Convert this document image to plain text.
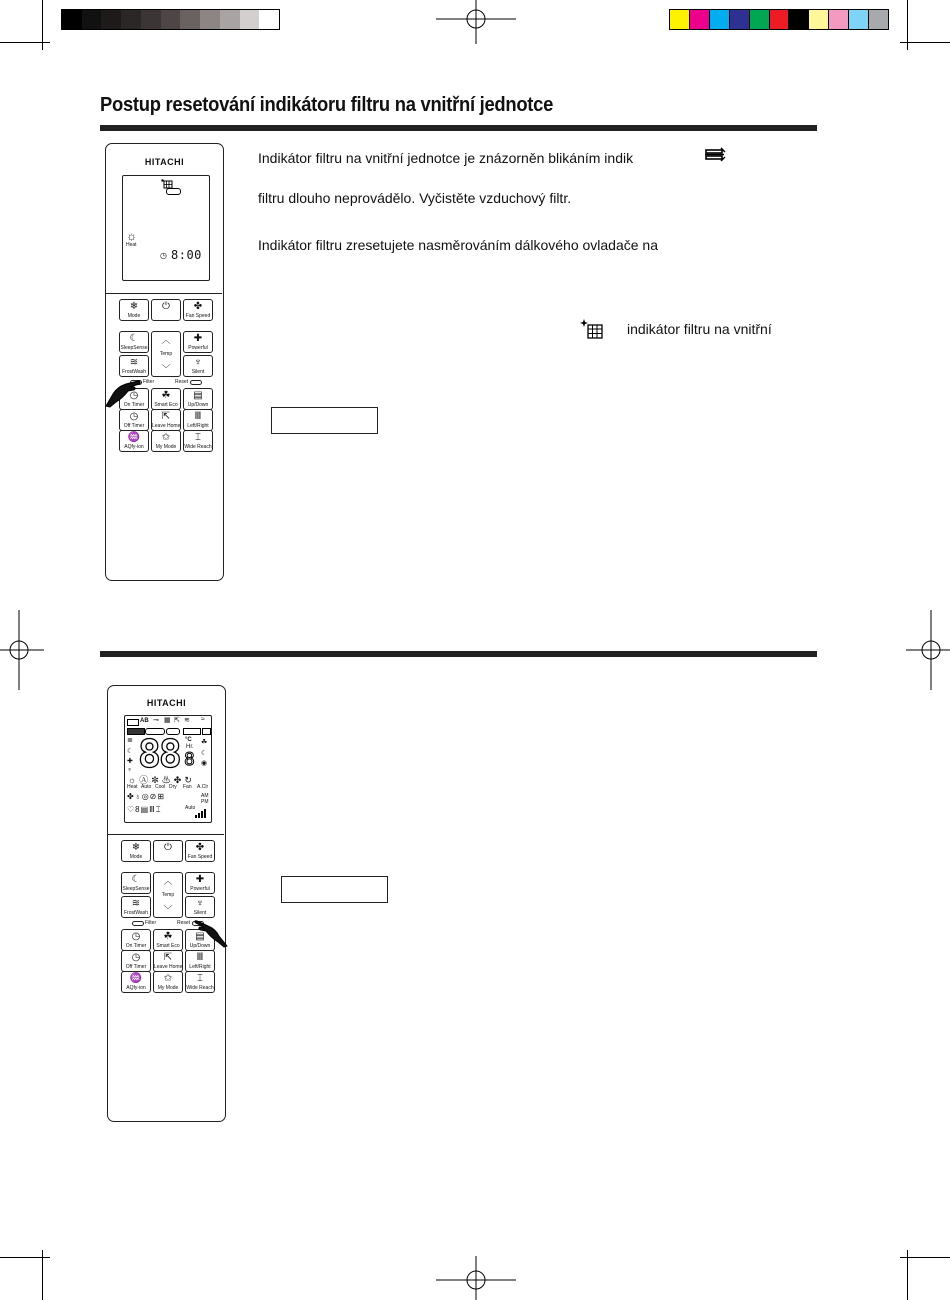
Postup resetování indikátoru filtru na vnitřní jednotce
Indikátor filtru na vnitřní jednotce je znázorněn blikáním indik
filtru dlouho neprovádělo. Vyčistěte vzduchový filtr.
Indikátor filtru zresetujete nasměrováním dálkového ovladače na
indikátor filtru na vnitřní
HITACHI
☼
Heat
◷ 8:00
❄
Mode
⏻	✤
Fan Speed
☾
SleepSense
✚
Powerful
≋
FrostWash
♆
Silent
︿
Temp
﹀
Filter	Reset
◷
On Timer
☘
Smart Eco
▤
Up/Down
◷
Off Timer
⇱
Leave Home
Ⅲ
Left/Right
♒
AQfy-ion
✩
My Mode
⌶
Wide Reach
HITACHI
AB ⊸ ▦ ⇱ ≋ ≈
≣
☾
✚
♆ 88 8
°C
Hr.
☘
☾
◉
☼Ⓐ✼♨✤↻
Heat Auto Cool Dry Fan A.Clr
✤♁◎⊘⊞	AM
PM
♡8▤Ⅲ⌶	Auto
❄
Mode
⏻	✤
Fan Speed
☾
SleepSense
✚
Powerful
≋
FrostWash
♆
Silent
︿
Temp
﹀
Filter	Reset
◷
On Timer
☘
Smart Eco
▤
Up/Down
◷
Off Timer
⇱
Leave Home
Ⅲ
Left/Right
♒
AQfy-ion
✩
My Mode
⌶
Wide Reach
